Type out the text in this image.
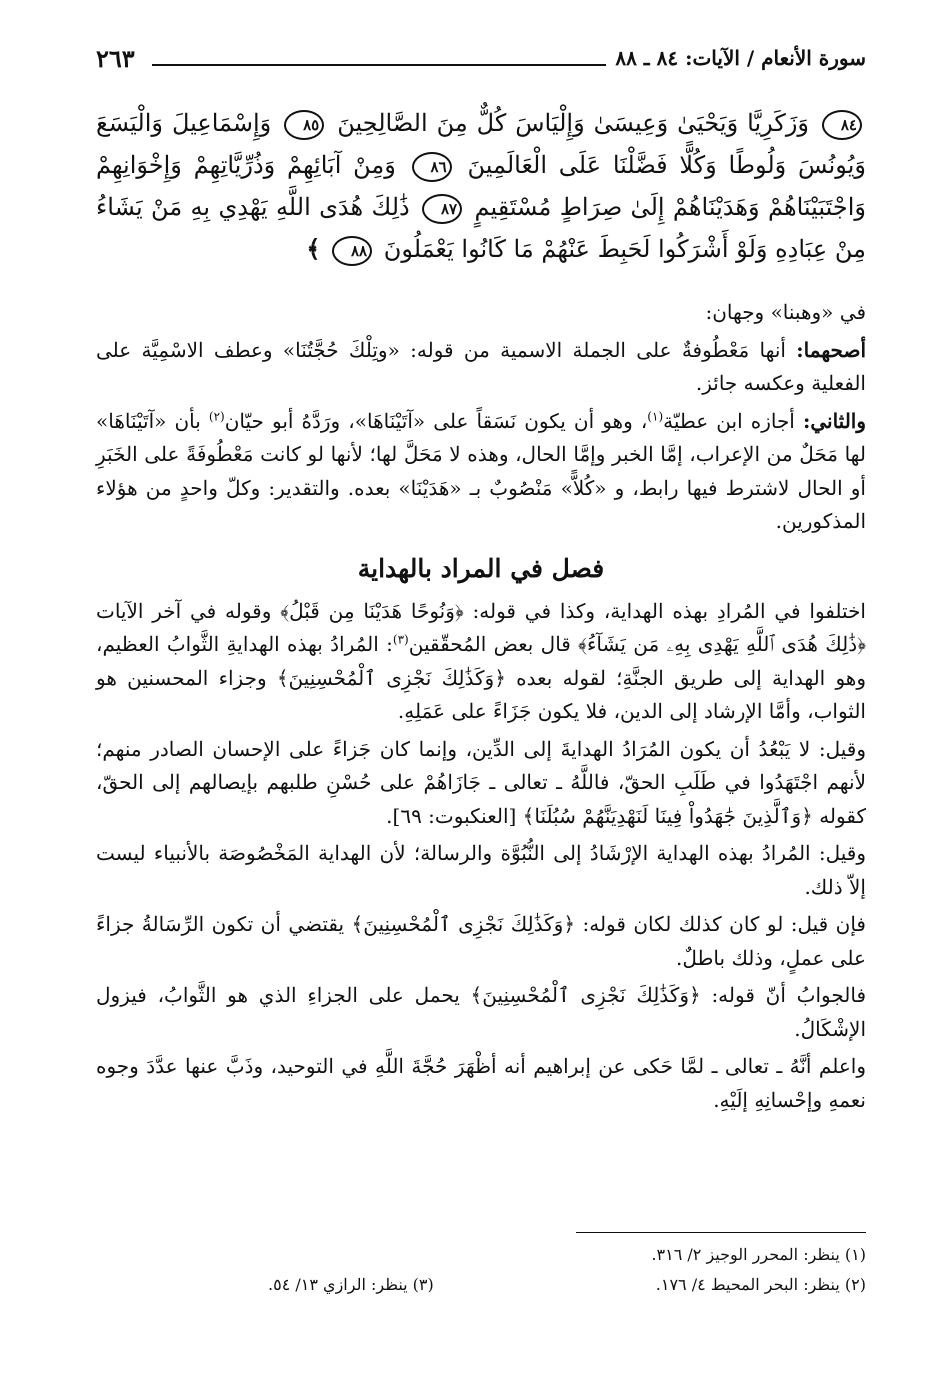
سورة الأنعام / الآيات: ٨٤ ـ ٨٨
٢٦٣
٨٤ وَزَكَرِيَّا وَيَحْيَىٰ وَعِيسَىٰ وَإِلْيَاسَ كُلٌّ مِنَ الصَّالِحِينَ ٨٥ وَإِسْمَاعِيلَ وَالْيَسَعَ وَيُونُسَ وَلُوطًا وَكُلًّا فَضَّلْنَا عَلَى الْعَالَمِينَ ٨٦ وَمِنْ آبَائِهِمْ وَذُرِّيَّاتِهِمْ وَإِخْوَانِهِمْ وَاجْتَبَيْنَاهُمْ وَهَدَيْنَاهُمْ إِلَىٰ صِرَاطٍ مُسْتَقِيمٍ ٨٧ ذَٰلِكَ هُدَى اللَّهِ يَهْدِي بِهِ مَنْ يَشَاءُ مِنْ عِبَادِهِ وَلَوْ أَشْرَكُوا لَحَبِطَ عَنْهُمْ مَا كَانُوا يَعْمَلُونَ ٨٨ ﴾

في «وهبنا» وجهان:

أصحهما: أنها مَعْطُوفةٌ على الجملة الاسمية من قوله: «وتِلْكَ حُجَّتُنَا» وعطف الاسْمِيَّة على الفعلية وعكسه جائز.

والثاني: أجازه ابن عطيّة$^{(١)}$، وهو أن يكون نَسَقاً على «آتَيْنَاهَا»، ورَدَّهُ أبو حيّان$^{(٢)}$ بأن «آتَيْنَاهَا» لها مَحَلٌ من الإعراب، إمَّا الخبر وإمَّا الحال، وهذه لا مَحَلَّ لها؛ لأنها لو كانت مَعْطُوفَةً على الخَبَرِ أو الحال لاشترط فيها رابط، و «كُلاًّ» مَنْصُوبٌ بـ «هَدَيْنَا» بعده. والتقدير: وكلّ واحدٍ من هؤلاء المذكورين.

فصل في المراد بالهداية

اختلفوا في المُرادِ بهذه الهداية، وكذا في قوله: ﴿وَنُوحًا هَدَيْنَا مِن قَبْلُ﴾ وقوله في آخر الآيات ﴿ذَٰلِكَ هُدَى ٱللَّهِ يَهْدِى بِهِۦ مَن يَشَآءُ﴾ قال بعض المُحقّقين$^{(٣)}$: المُرادُ بهذه الهدايةِ الثَّوابُ العظيم، وهو الهداية إلى طريق الجنَّةِ؛ لقوله بعده ﴿وَكَذَٰلِكَ نَجْزِى ٱلْمُحْسِنِينَ﴾ وجزاء المحسنين هو الثواب، وأمَّا الإرشاد إلى الدين، فلا يكون جَزَاءً على عَمَلِهِ.

وقيل: لا يَبْعُدُ أن يكون المُرَادُ الهدايةَ إلى الدِّين، وإنما كان جَزاءً على الإحسان الصادر منهم؛ لأنهم اجْتَهَدُوا في طَلَبِ الحقّ، فاللَّهُ ـ تعالى ـ جَازَاهُمْ على حُسْنِ طلبهم بإيصالهم إلى الحقّ، كقوله ﴿وَٱلَّذِينَ جَٰهَدُواْ فِينَا لَنَهْدِيَنَّهُمْ سُبُلَنَا﴾ [العنكبوت: ٦٩].

وقيل: المُرادُ بهذه الهداية الإرْشَادُ إلى النُّبُوَّة والرسالة؛ لأن الهداية المَخْصُوصَة بالأنبياء ليست إلاّ ذلك.

فإن قيل: لو كان كذلك لكان قوله: ﴿وَكَذَٰلِكَ نَجْزِى ٱلْمُحْسِنِينَ﴾ يقتضي أن تكون الرِّسَالةُ جزاءً على عملٍ، وذلك باطلٌ.

فالجوابُ أنّ قوله: ﴿وَكَذَٰلِكَ نَجْزِى ٱلْمُحْسِنِينَ﴾ يحمل على الجزاءِ الذي هو الثَّوابُ، فيزول الإشْكَالُ.

واعلم أنَّهُ ـ تعالى ـ لمَّا حَكى عن إبراهيم أنه أظْهَرَ حُجَّةَ اللَّهِ في التوحيد، وذَبَّ عنها عدَّدَ وجوه نعمهِ وإحْسانِهِ إلَيْهِ.

(١) ينظر: المحرر الوجيز ٢/ ٣١٦.
(٢) ينظر: البحر المحيط ٤/ ١٧٦.
(٣) ينظر: الرازي ١٣/ ٥٤.
